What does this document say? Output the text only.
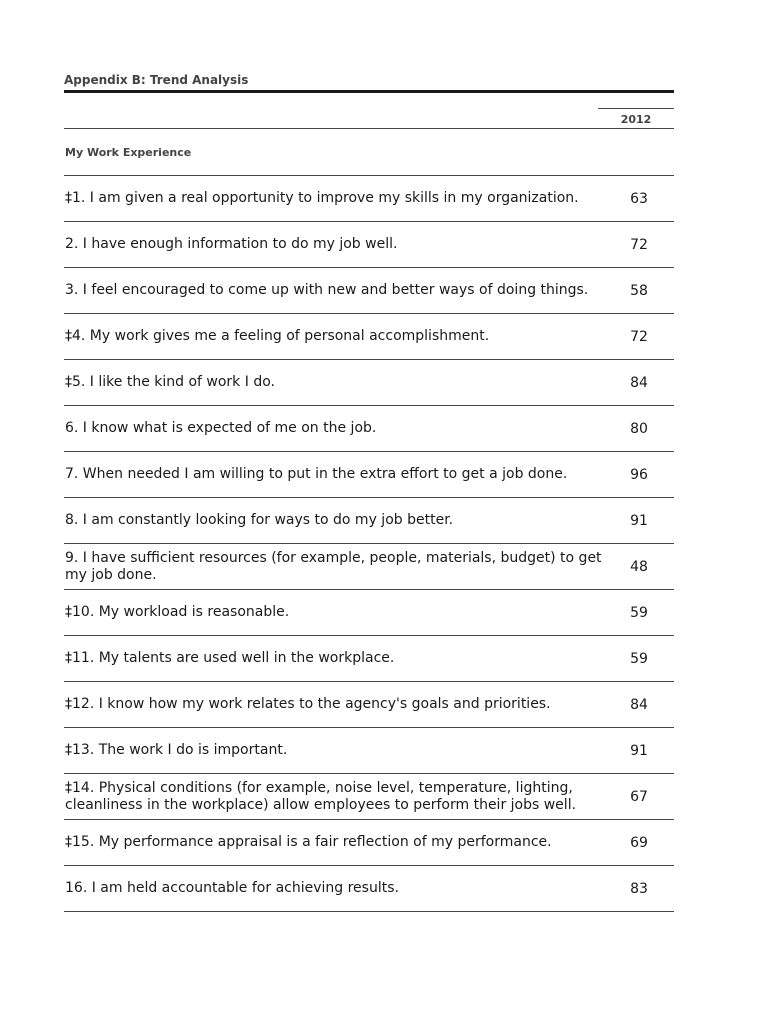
Appendix B: Trend Analysis
2012
My Work Experience
‡1. I am given a real opportunity to improve my skills in my organization.	63
2. I have enough information to do my job well.	72
3. I feel encouraged to come up with new and better ways of doing things.	58
‡4. My work gives me a feeling of personal accomplishment.	72
‡5. I like the kind of work I do.	84
6. I know what is expected of me on the job.	80
7. When needed I am willing to put in the extra effort to get a job done.	96
8. I am constantly looking for ways to do my job better.	91
9. I have sufficient resources (for example, people, materials, budget) to get my job done.	48
‡10. My workload is reasonable.	59
‡11. My talents are used well in the workplace.	59
‡12. I know how my work relates to the agency's goals and priorities.	84
‡13. The work I do is important.	91
‡14. Physical conditions (for example, noise level, temperature, lighting, cleanliness in the workplace) allow employees to perform their jobs well.	67
‡15. My performance appraisal is a fair reflection of my performance.	69
16. I am held accountable for achieving results.	83
